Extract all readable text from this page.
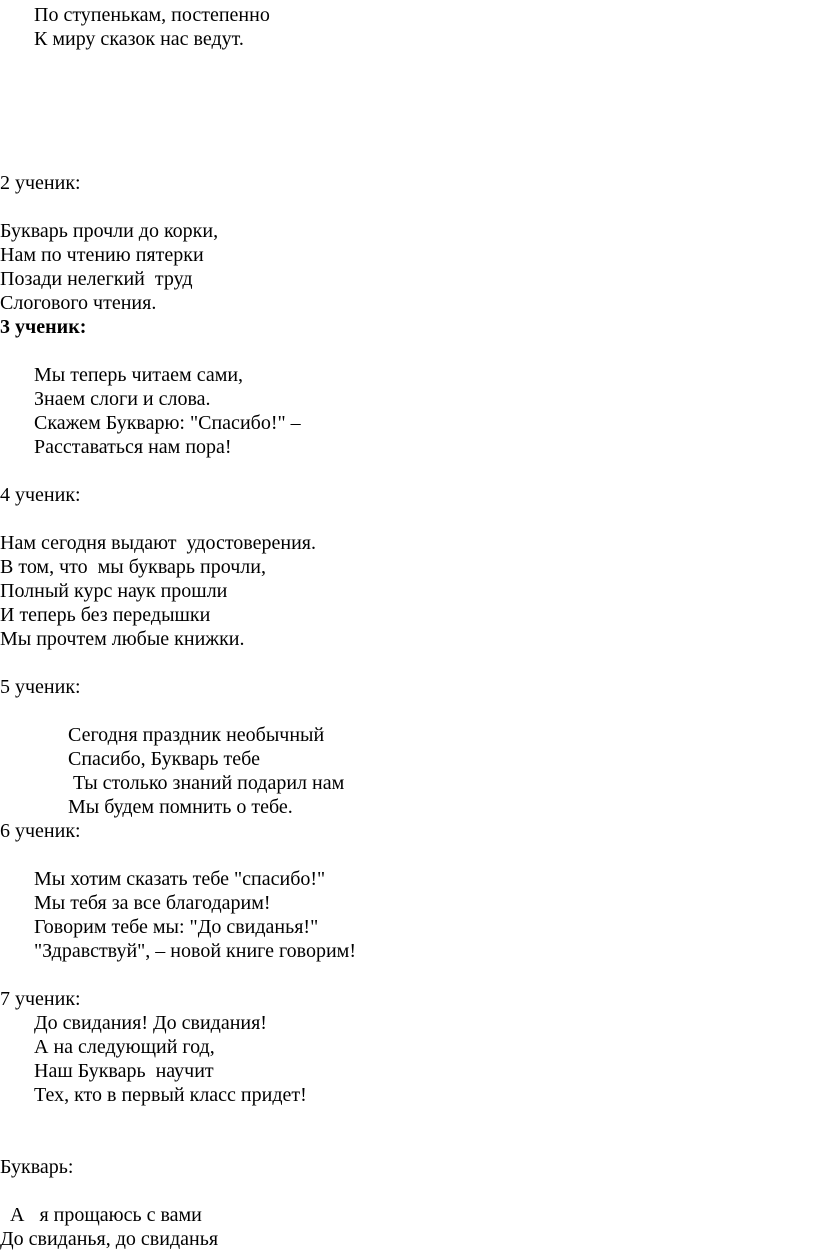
По ступенькам, постепенно
К миру сказок нас ведут.
2 ученик:
Букварь прочли до корки,
Нам по чтению пятерки
Позади нелегкий  труд
Слогового чтения.
3 ученик:
Мы теперь читаем сами,
Знаем слоги и слова.
Скажем Букварю: "Спасибо!" –
Расставаться нам пора!
4 ученик:
Нам сегодня выдают  удостоверения.
В том, что  мы букварь прочли,
Полный курс наук прошли
И теперь без передышки
Мы прочтем любые книжки.
5 ученик:
Сегодня праздник необычный
Спасибо, Букварь тебе
Ты столько знаний подарил нам
Мы будем помнить о тебе.
6 ученик:
Мы хотим сказать тебе "спасибо!"
Мы тебя за все благодарим!
Говорим тебе мы: "До свиданья!"
"Здравствуй", – новой книге говорим!
7 ученик:
До свидания! До свидания!
А на следующий год,
Наш Букварь  научит
Тех, кто в первый класс придет!
Букварь:
А   я прощаюсь с вами
До свиданья, до свиданья
